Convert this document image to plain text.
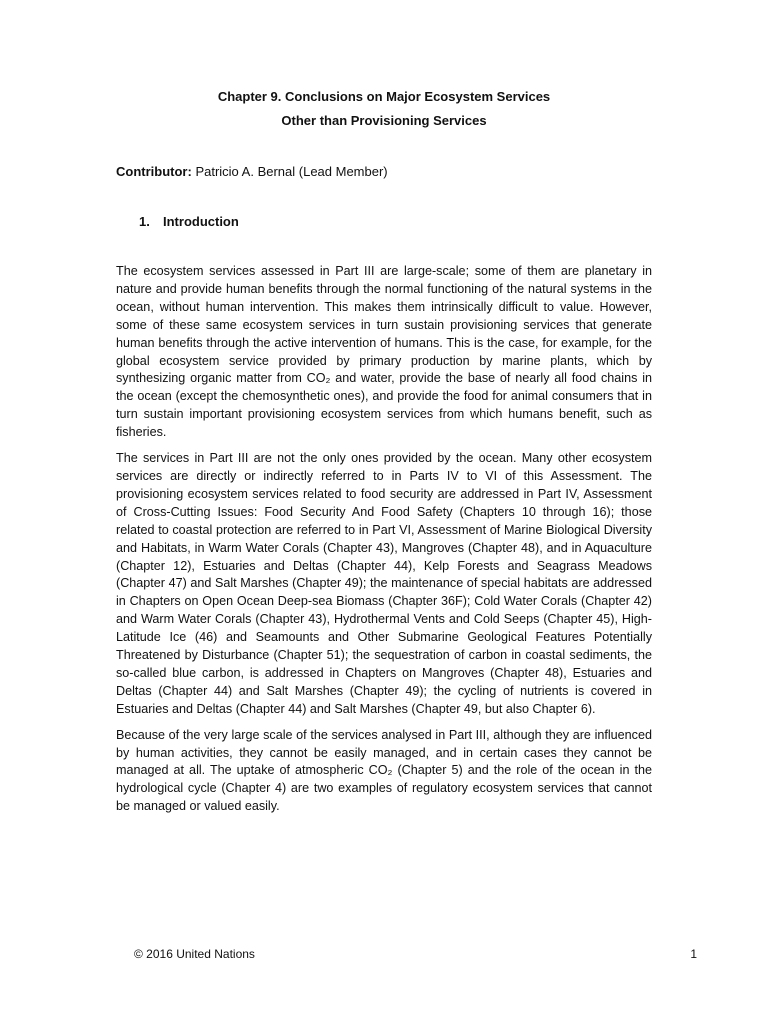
Chapter 9. Conclusions on Major Ecosystem Services
Other than Provisioning Services
Contributor: Patricio A. Bernal (Lead Member)
1. Introduction

The ecosystem services assessed in Part III are large-scale; some of them are planetary in nature and provide human benefits through the normal functioning of the natural systems in the ocean, without human intervention. This makes them intrinsically difficult to value. However, some of these same ecosystem services in turn sustain provisioning services that generate human benefits through the active intervention of humans. This is the case, for example, for the global ecosystem service provided by primary production by marine plants, which by synthesizing organic matter from CO₂ and water, provide the base of nearly all food chains in the ocean (except the chemosynthetic ones), and provide the food for animal consumers that in turn sustain important provisioning ecosystem services from which humans benefit, such as fisheries.

The services in Part III are not the only ones provided by the ocean. Many other ecosystem services are directly or indirectly referred to in Parts IV to VI of this Assessment. The provisioning ecosystem services related to food security are addressed in Part IV, Assessment of Cross-Cutting Issues: Food Security And Food Safety (Chapters 10 through 16); those related to coastal protection are referred to in Part VI, Assessment of Marine Biological Diversity and Habitats, in Warm Water Corals (Chapter 43), Mangroves (Chapter 48), and in Aquaculture (Chapter 12), Estuaries and Deltas (Chapter 44), Kelp Forests and Seagrass Meadows (Chapter 47) and Salt Marshes (Chapter 49); the maintenance of special habitats are addressed in Chapters on Open Ocean Deep-sea Biomass (Chapter 36F); Cold Water Corals (Chapter 42) and Warm Water Corals (Chapter 43), Hydrothermal Vents and Cold Seeps (Chapter 45), High-Latitude Ice (46) and Seamounts and Other Submarine Geological Features Potentially Threatened by Disturbance (Chapter 51); the sequestration of carbon in coastal sediments, the so-called blue carbon, is addressed in Chapters on Mangroves (Chapter 48), Estuaries and Deltas (Chapter 44) and Salt Marshes (Chapter 49); the cycling of nutrients is covered in Estuaries and Deltas (Chapter 44) and Salt Marshes (Chapter 49, but also Chapter 6).

Because of the very large scale of the services analysed in Part III, although they are influenced by human activities, they cannot be easily managed, and in certain cases they cannot be managed at all. The uptake of atmospheric CO₂ (Chapter 5) and the role of the ocean in the hydrological cycle (Chapter 4) are two examples of regulatory ecosystem services that cannot be managed or valued easily.

© 2016 United Nations	1
